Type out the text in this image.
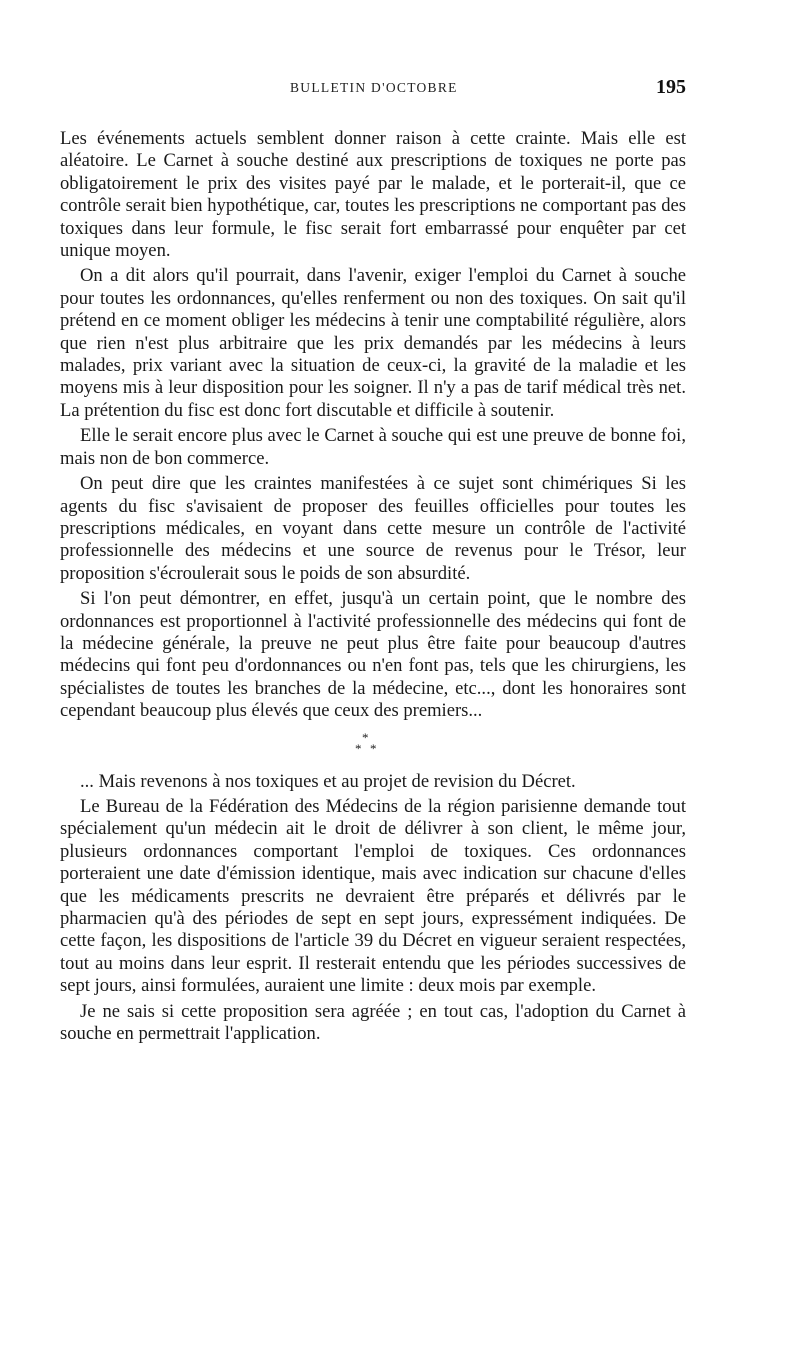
BULLETIN D'OCTOBRE	195

Les événements actuels semblent donner raison à cette crainte. Mais elle est aléatoire. Le Carnet à souche destiné aux prescriptions de toxiques ne porte pas obligatoirement le prix des visites payé par le malade, et le porterait-il, que ce contrôle serait bien hypothétique, car, toutes les prescriptions ne comportant pas des toxiques dans leur formule, le fisc serait fort embarrassé pour enquêter par cet unique moyen.

On a dit alors qu'il pourrait, dans l'avenir, exiger l'emploi du Carnet à souche pour toutes les ordonnances, qu'elles renferment ou non des toxiques. On sait qu'il prétend en ce moment obliger les médecins à tenir une comptabilité régulière, alors que rien n'est plus arbitraire que les prix demandés par les médecins à leurs malades, prix variant avec la situation de ceux-ci, la gravité de la maladie et les moyens mis à leur disposition pour les soigner. Il n'y a pas de tarif médical très net. La prétention du fisc est donc fort discutable et difficile à soutenir.

Elle le serait encore plus avec le Carnet à souche qui est une preuve de bonne foi, mais non de bon commerce.

On peut dire que les craintes manifestées à ce sujet sont chimériques Si les agents du fisc s'avisaient de proposer des feuilles officielles pour toutes les prescriptions médicales, en voyant dans cette mesure un contrôle de l'activité professionnelle des médecins et une source de revenus pour le Trésor, leur proposition s'écroulerait sous le poids de son absurdité.

Si l'on peut démontrer, en effet, jusqu'à un certain point, que le nombre des ordonnances est proportionnel à l'activité professionnelle des médecins qui font de la médecine générale, la preuve ne peut plus être faite pour beaucoup d'autres médecins qui font peu d'ordonnances ou n'en font pas, tels que les chirurgiens, les spécialistes de toutes les branches de la médecine, etc..., dont les honoraires sont cependant beaucoup plus élevés que ceux des premiers...

*
* *

... Mais revenons à nos toxiques et au projet de revision du Décret.

Le Bureau de la Fédération des Médecins de la région parisienne demande tout spécialement qu'un médecin ait le droit de délivrer à son client, le même jour, plusieurs ordonnances comportant l'emploi de toxiques. Ces ordonnances porteraient une date d'émission identique, mais avec indication sur chacune d'elles que les médicaments prescrits ne devraient être préparés et délivrés par le pharmacien qu'à des périodes de sept en sept jours, expressément indiquées. De cette façon, les dispositions de l'article 39 du Décret en vigueur seraient respectées, tout au moins dans leur esprit. Il resterait entendu que les périodes successives de sept jours, ainsi formulées, auraient une limite : deux mois par exemple.

Je ne sais si cette proposition sera agréée ; en tout cas, l'adoption du Carnet à souche en permettrait l'application.
